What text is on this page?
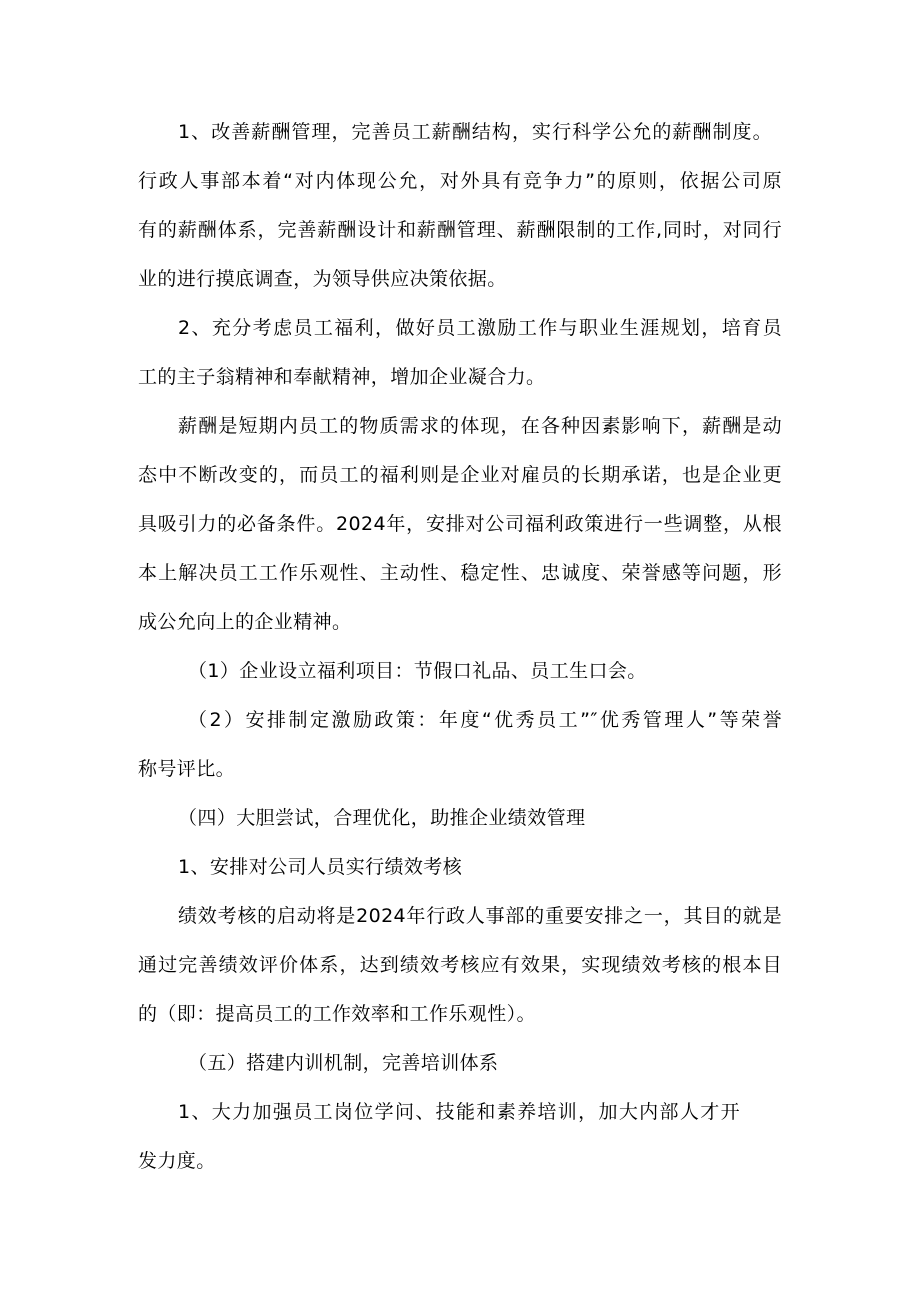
1、改善薪酬管理，完善员工薪酬结构，实行科学公允的薪酬制度。

行政人事部本着“对内体现公允，对外具有竞争力”的原则，依据公司原

有的薪酬体系，完善薪酬设计和薪酬管理、薪酬限制的工作,同时，对同行

业的进行摸底调查，为领导供应决策依据。

2、充分考虑员工福利，做好员工激励工作与职业生涯规划，培育员

工的主子翁精神和奉献精神，增加企业凝合力。

薪酬是短期内员工的物质需求的体现，在各种因素影响下，薪酬是动

态中不断改变的，而员工的福利则是企业对雇员的长期承诺，也是企业更

具吸引力的必备条件。2024年，安排对公司福利政策进行一些调整，从根

本上解决员工工作乐观性、主动性、稳定性、忠诚度、荣誉感等问题，形

成公允向上的企业精神。

（1）企业设立福利项目：节假口礼品、员工生口会。

（2）安排制定激励政策：年度“优秀员工”″优秀管理人”等荣誉

称号评比。

（四）大胆尝试，合理优化，助推企业绩效管理

1、安排对公司人员实行绩效考核

绩效考核的启动将是2024年行政人事部的重要安排之一，其目的就是

通过完善绩效评价体系，达到绩效考核应有效果，实现绩效考核的根本目

的（即：提高员工的工作效率和工作乐观性）。

（五）搭建内训机制，完善培训体系

1、大力加强员工岗位学问、技能和素养培训，加大内部人才开

发力度。
